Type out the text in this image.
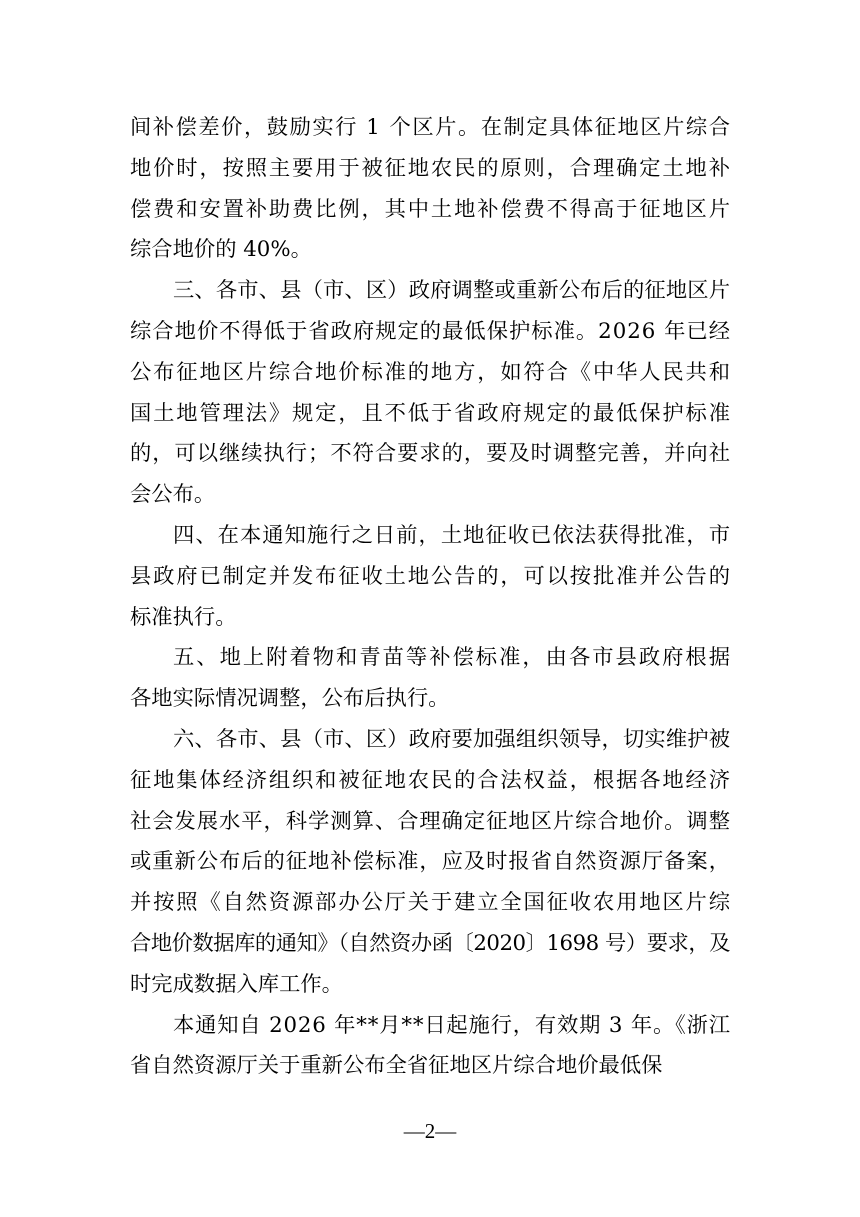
间补偿差价，鼓励实行 1 个区片。在制定具体征地区片综合
地价时，按照主要用于被征地农民的原则，合理确定土地补
偿费和安置补助费比例，其中土地补偿费不得高于征地区片
综合地价的 40%。
三、各市、县（市、区）政府调整或重新公布后的征地区片
综合地价不得低于省政府规定的最低保护标准。2026 年已经
公布征地区片综合地价标准的地方，如符合《中华人民共和
国土地管理法》规定，且不低于省政府规定的最低保护标准
的，可以继续执行；不符合要求的，要及时调整完善，并向社
会公布。
四、在本通知施行之日前，土地征收已依法获得批准，市
县政府已制定并发布征收土地公告的，可以按批准并公告的
标准执行。
五、地上附着物和青苗等补偿标准，由各市县政府根据
各地实际情况调整，公布后执行。
六、各市、县（市、区）政府要加强组织领导，切实维护被
征地集体经济组织和被征地农民的合法权益，根据各地经济
社会发展水平，科学测算、合理确定征地区片综合地价。调整
或重新公布后的征地补偿标准，应及时报省自然资源厅备案，
并按照《自然资源部办公厅关于建立全国征收农用地区片综
合地价数据库的通知》（自然资办函〔2020〕1698 号）要求，及
时完成数据入库工作。
本通知自 2026 年**月**日起施行，有效期 3 年。《浙江
省自然资源厅关于重新公布全省征地区片综合地价最低保
—2—
